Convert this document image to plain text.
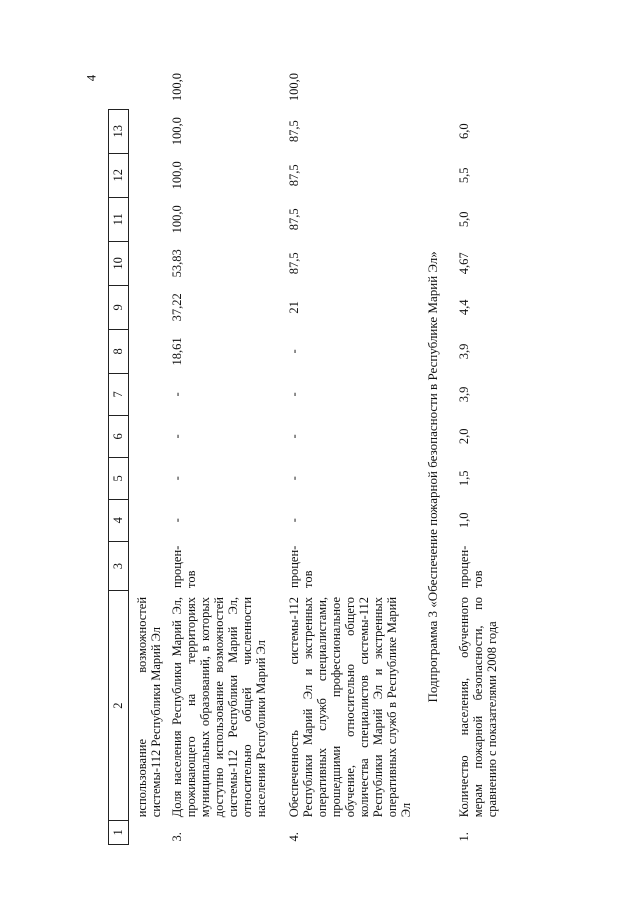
4
1	2	3	4	5	6	7	8	9	10	11	12	13	
	использование возможностей системы-112 Республики Марий Эл												
3.	Доля населения Республики Марий Эл, проживающего на территориях муниципальных образований, в которых доступно использование возможностей системы-112 Республики Марий Эл, относительно общей численности населения Республики Марий Эл	процен-тов	-	-	-	-	18,61	37,22	53,83	100,0	100,0	100,0	100,0

4.	Обеспеченность системы-112 Республики Марий Эл и экстренных оперативных служб специалистами, прошедшими профессиональное обучение, относительно общего количества специалистов системы-112 Республики Марий Эл и экстренных оперативных служб в Республике Марий Эл	процен-тов	-	-	-	-	-	21	87,5	87,5	87,5	87,5	100,0
Подпрограмма 3 «Обеспечение пожарной безопасности в Республике Марий Эл»													
1.	Количество населения, обученного мерам пожарной безопасности, по сравнению с показателями 2008 года	процен-тов	1,0	1,5	2,0	3,9	3,9	4,4	4,67	5,0	5,5	6,0	
